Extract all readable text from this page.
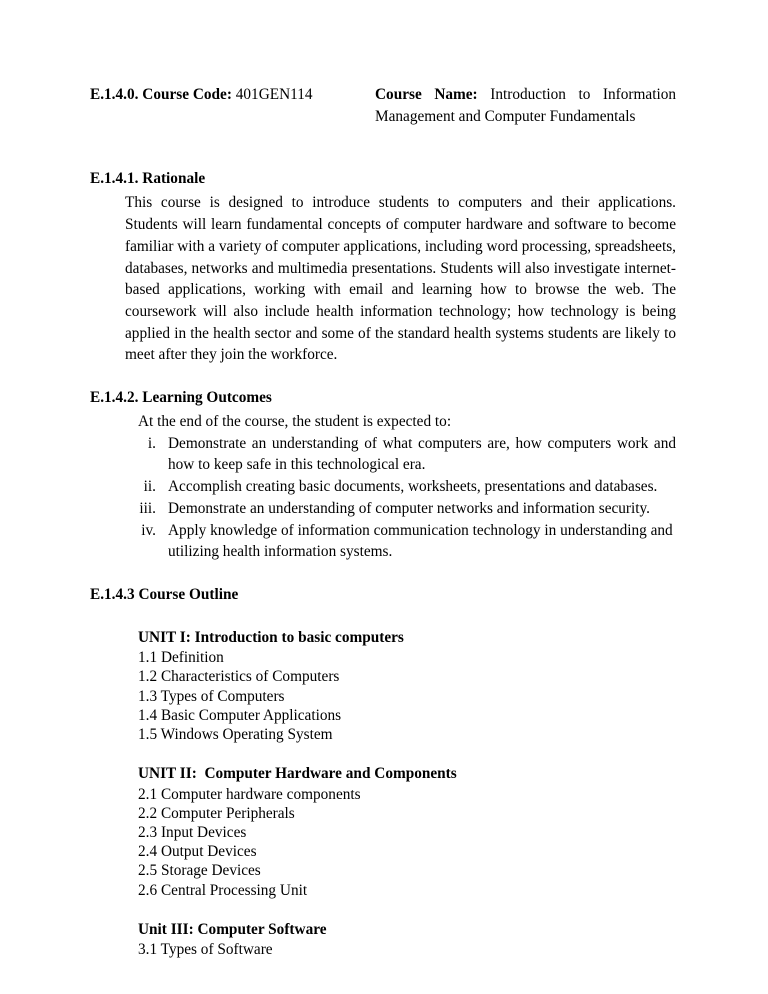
E.1.4.0. Course Code: 401GEN114	Course Name: Introduction to Information Management and Computer Fundamentals
E.1.4.1. Rationale

This course is designed to introduce students to computers and their applications. Students will learn fundamental concepts of computer hardware and software to become familiar with a variety of computer applications, including word processing, spreadsheets, databases, networks and multimedia presentations. Students will also investigate internet-based applications, working with email and learning how to browse the web. The coursework will also include health information technology; how technology is being applied in the health sector and some of the standard health systems students are likely to meet after they join the workforce.

E.1.4.2. Learning Outcomes

At the end of the course, the student is expected to:

i. Demonstrate an understanding of what computers are, how computers work and how to keep safe in this technological era.
ii. Accomplish creating basic documents, worksheets, presentations and databases.
iii. Demonstrate an understanding of computer networks and information security.
iv. Apply knowledge of information communication technology in understanding and utilizing health information systems.
E.1.4.3 Course Outline
UNIT I: Introduction to basic computers
1.1 Definition
1.2 Characteristics of Computers
1.3 Types of Computers
1.4 Basic Computer Applications
1.5 Windows Operating System
UNIT II:  Computer Hardware and Components
2.1 Computer hardware components
2.2 Computer Peripherals
2.3 Input Devices
2.4 Output Devices
2.5 Storage Devices
2.6 Central Processing Unit
Unit III: Computer Software
3.1 Types of Software
